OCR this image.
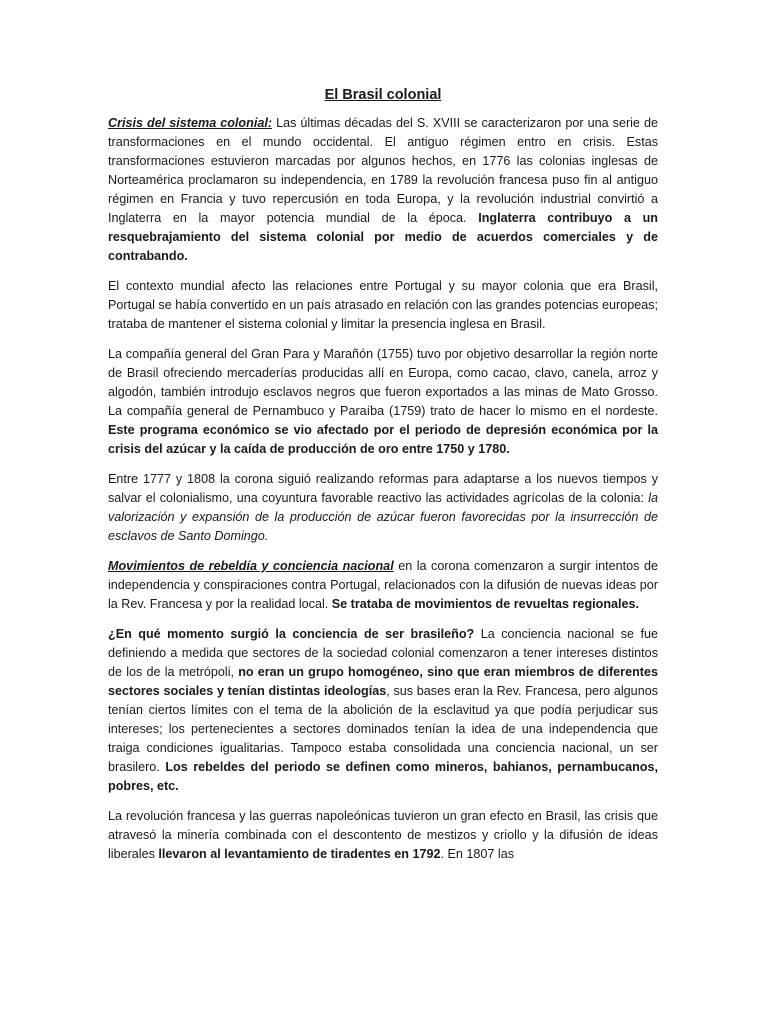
El Brasil colonial

Crisis del sistema colonial: Las últimas décadas del S. XVIII se caracterizaron por una serie de transformaciones en el mundo occidental. El antiguo régimen entro en crisis. Estas transformaciones estuvieron marcadas por algunos hechos, en 1776 las colonias inglesas de Norteamérica proclamaron su independencia, en 1789 la revolución francesa puso fin al antiguo régimen en Francia y tuvo repercusión en toda Europa, y la revolución industrial convirtió a Inglaterra en la mayor potencia mundial de la época. Inglaterra contribuyo a un resquebrajamiento del sistema colonial por medio de acuerdos comerciales y de contrabando.

El contexto mundial afecto las relaciones entre Portugal y su mayor colonia que era Brasil, Portugal se había convertido en un país atrasado en relación con las grandes potencias europeas; trataba de mantener el sistema colonial y limitar la presencia inglesa en Brasil.

La compañía general del Gran Para y Marañón (1755) tuvo por objetivo desarrollar la región norte de Brasil ofreciendo mercaderías producidas allí en Europa, como cacao, clavo, canela, arroz y algodón, también introdujo esclavos negros que fueron exportados a las minas de Mato Grosso. La compañía general de Pernambuco y Paraíba (1759) trato de hacer lo mismo en el nordeste. Este programa económico se vio afectado por el periodo de depresión económica por la crisis del azúcar y la caída de producción de oro entre 1750 y 1780.

Entre 1777 y 1808 la corona siguió realizando reformas para adaptarse a los nuevos tiempos y salvar el colonialismo, una coyuntura favorable reactivo las actividades agrícolas de la colonia: la valorización y expansión de la producción de azúcar fueron favorecidas por la insurrección de esclavos de Santo Domingo.

Movimientos de rebeldía y conciencia nacional en la corona comenzaron a surgir intentos de independencia y conspiraciones contra Portugal, relacionados con la difusión de nuevas ideas por la Rev. Francesa y por la realidad local. Se trataba de movimientos de revueltas regionales.

¿En qué momento surgió la conciencia de ser brasileño? La conciencia nacional se fue definiendo a medida que sectores de la sociedad colonial comenzaron a tener intereses distintos de los de la metrópoli, no eran un grupo homogéneo, sino que eran miembros de diferentes sectores sociales y tenían distintas ideologías, sus bases eran la Rev. Francesa, pero algunos tenían ciertos límites con el tema de la abolición de la esclavitud ya que podía perjudicar sus intereses; los pertenecientes a sectores dominados tenían la idea de una independencia que traiga condiciones igualitarias. Tampoco estaba consolidada una conciencia nacional, un ser brasilero. Los rebeldes del periodo se definen como mineros, bahianos, pernambucanos, pobres, etc.

La revolución francesa y las guerras napoleónicas tuvieron un gran efecto en Brasil, las crisis que atravesó la minería combinada con el descontento de mestizos y criollo y la difusión de ideas liberales llevaron al levantamiento de tiradentes en 1792. En 1807 las
